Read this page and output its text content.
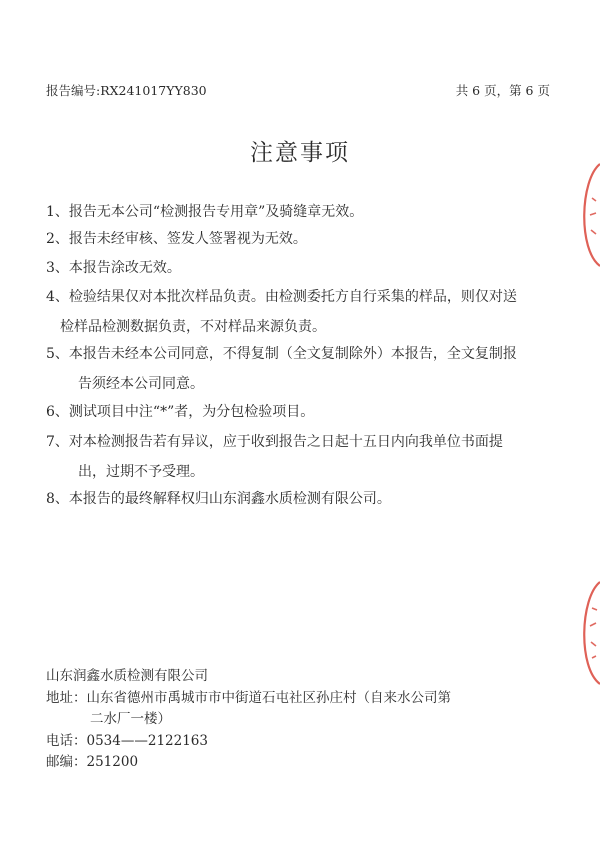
报告编号:RX241017YY830	共 6 页，第 6 页
注意事项
1、报告无本公司“检测报告专用章”及骑缝章无效。
2、报告未经审核、签发人签署视为无效。
3、本报告涂改无效。
4、检验结果仅对本批次样品负责。由检测委托方自行采集的样品，则仅对送
检样品检测数据负责，不对样品来源负责。
5、本报告未经本公司同意，不得复制（全文复制除外）本报告，全文复制报
告须经本公司同意。
6、测试项目中注“*”者，为分包检验项目。
7、对本检测报告若有异议，应于收到报告之日起十五日内向我单位书面提
出，过期不予受理。
8、本报告的最终解释权归山东润鑫水质检测有限公司。
山东润鑫水质检测有限公司
地址：山东省德州市禹城市市中街道石屯社区孙庄村（自来水公司第
二水厂一楼）
电话：0534——2122163
邮编：251200
